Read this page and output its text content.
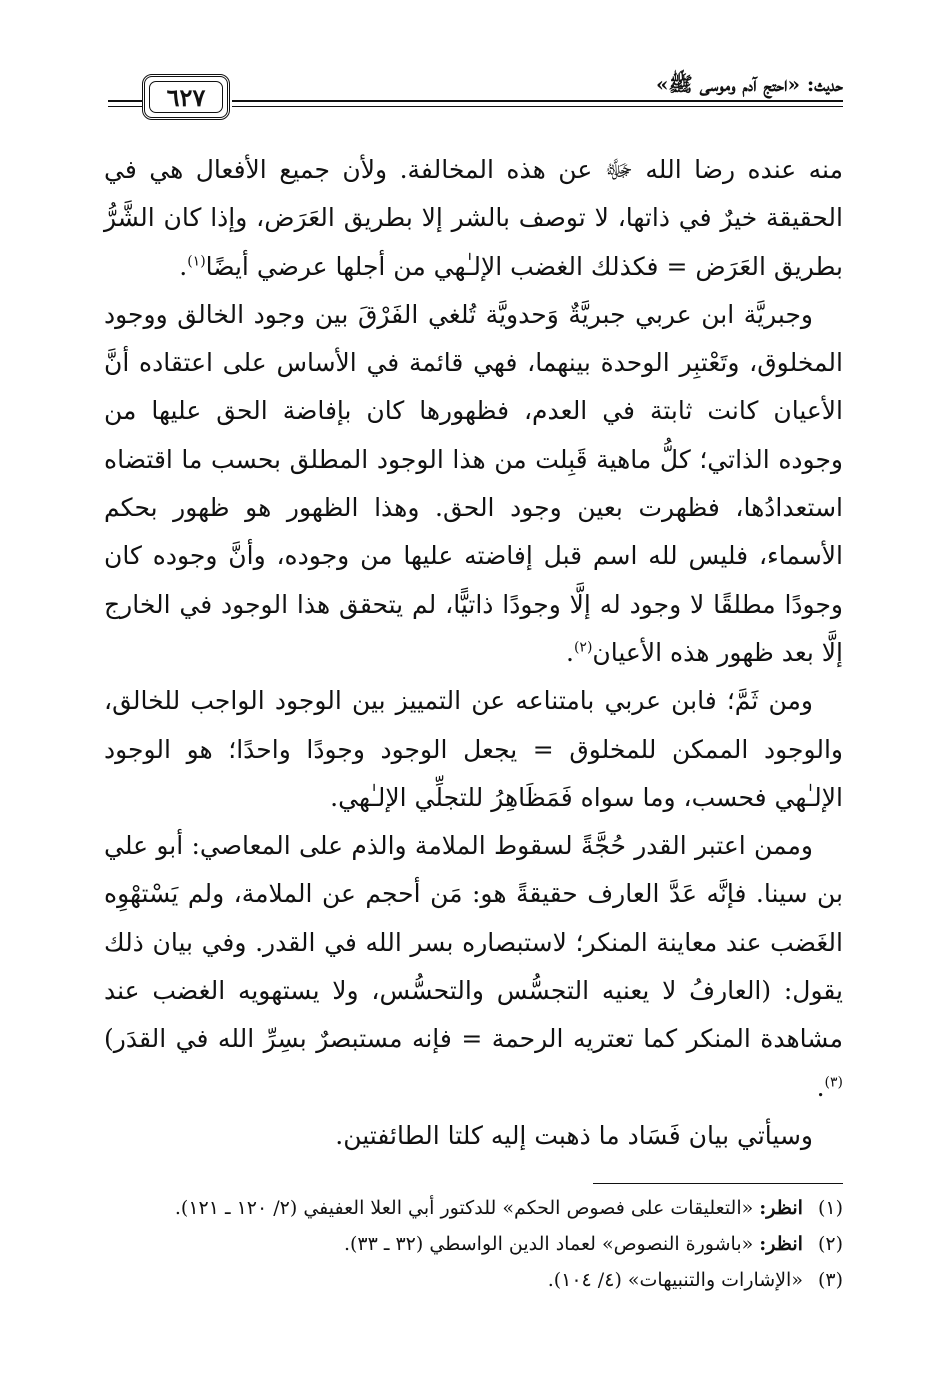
حديث: «احتج آدم وموسى ﷺ»
٦٢٧

منه عنده رضا الله ﷻ عن هذه المخالفة. ولأن جميع الأفعال هي في الحقيقة خيرٌ في ذاتها، لا توصف بالشر إلا بطريق العَرَض، وإذا كان الشَّرُّ بطريق العَرَض = فكذلك الغضب الإلـٰهي من أجلها عرضي أيضًا$^{(١)}$.

وجبريَّة ابن عربي جبريَّةٌ وَحدويَّة تُلغي الفَرْقَ بين وجود الخالق ووجود المخلوق، وتَعْتبِر الوحدة بينهما، فهي قائمة في الأساس على اعتقاده أنَّ الأعيان كانت ثابتة في العدم، فظهورها كان بإفاضة الحق عليها من وجوده الذاتي؛ كلُّ ماهية قَبِلت من هذا الوجود المطلق بحسب ما اقتضاه استعدادُها، فظهرت بعين وجود الحق. وهذا الظهور هو ظهور بحكم الأسماء، فليس لله اسم قبل إفاضته عليها من وجوده، وأنَّ وجوده كان وجودًا مطلقًا لا وجود له إلَّا وجودًا ذاتيًّا، لم يتحقق هذا الوجود في الخارج إلَّا بعد ظهور هذه الأعيان$^{(٢)}$.

ومن ثَمَّ؛ فابن عربي بامتناعه عن التمييز بين الوجود الواجب للخالق، والوجود الممكن للمخلوق = يجعل الوجود وجودًا واحدًا؛ هو الوجود الإلـٰهي فحسب، وما سواه فَمَظَاهِرُ للتجلِّي الإلـٰهي.

وممن اعتبر القدر حُجَّةً لسقوط الملامة والذم على المعاصي: أبو علي بن سينا. فإنَّه عَدَّ العارف حقيقةً هو: مَن أحجم عن الملامة، ولم يَسْتهْوِه الغَضب عند معاينة المنكر؛ لاستبصاره بسر الله في القدر. وفي بيان ذلك يقول: (العارفُ لا يعنيه التجسُّس والتحسُّس، ولا يستهويه الغضب عند مشاهدة المنكر كما تعتريه الرحمة = فإنه مستبصرٌ بسِرِّ الله في القدَر)$^{(٣)}$.

وسيأتي بيان فَسَاد ما ذهبت إليه كلتا الطائفتين.

(١) انظر: «التعليقات على فصوص الحكم» للدكتور أبي العلا العفيفي (٢/ ١٢٠ ـ ١٢١).
(٢) انظر: «باشورة النصوص» لعماد الدين الواسطي (٣٢ ـ ٣٣).
(٣) «الإشارات والتنبيهات» (٤/ ١٠٤).
